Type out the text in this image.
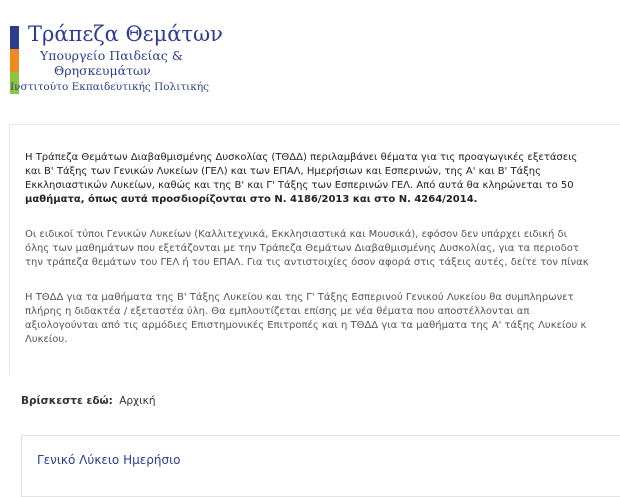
Τράπεζα Θεμάτων
Υπουργείο Παιδείας &
Θρησκευμάτων
Ινστιτούτο Εκπαιδευτικής Πολιτικής
Η Τράπεζα Θεμάτων Διαβαθμισμένης Δυσκολίας (ΤΘΔΔ) περιλαμβάνει θέματα για τις προαγωγικές εξετάσεις
και Β' Τάξης των Γενικών Λυκείων (ΓΕΛ) και των ΕΠΑΛ, Ημερήσιων και Εσπερινών, της Α' και Β' Τάξης
Εκκλησιαστικών Λυκείων, καθώς και της Β' και Γ' Τάξης των Εσπερινών ΓΕΛ. Από αυτά θα κληρώνεται το 50
μαθήματα, όπως αυτά προσδιορίζονται στο Ν. 4186/2013 και στο Ν. 4264/2014.
Οι ειδικοί τύποι Γενικών Λυκείων (Καλλιτεχνικά, Εκκλησιαστικά και Μουσικά), εφόσον δεν υπάρχει ειδική δι
όλης των μαθημάτων που εξετάζονται με την Τράπεζα Θεμάτων Διαβαθμισμένης Δυσκολίας, για τα περιοδοτ
την τράπεζα θεμάτων του ΓΕΛ ή του ΕΠΑΛ. Για τις αντιστοιχίες όσον αφορά στις τάξεις αυτές, δείτε τον πίνακ
Η ΤΘΔΔ για τα μαθήματα της Β' Τάξης Λυκείου και της Γ' Τάξης Εσπερινού Γενικού Λυκείου θα συμπληρωνετ
πλήρης η διδακτέα / εξεταστέα ύλη. Θα εμπλουτίζεται επίσης με νέα θέματα που αποστέλλονται απ
αξιολογούνται από τις αρμόδιες Επιστημονικές Επιτροπές και η ΤΘΔΔ για τα μαθήματα της Α' τάξης Λυκείου κ
Λυκείου.
Βρίσκεστε εδώ: Αρχική
Γενικό Λύκειο Ημερήσιο
